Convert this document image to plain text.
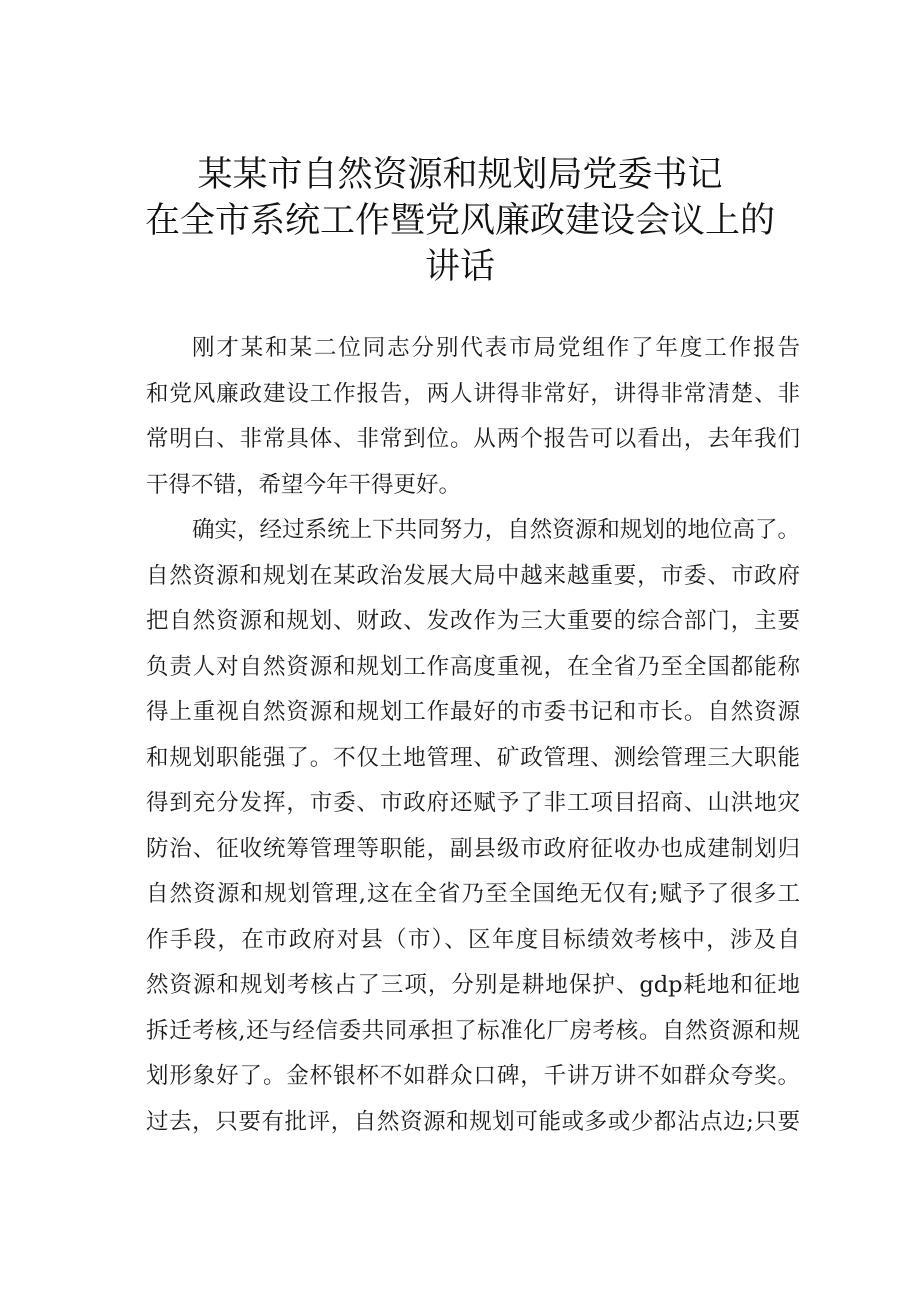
某某市自然资源和规划局党委书记
在全市系统工作暨党风廉政建设会议上的
讲话
刚才某和某二位同志分别代表市局党组作了年度工作报告
和党风廉政建设工作报告，两人讲得非常好，讲得非常清楚、非
常明白、非常具体、非常到位。从两个报告可以看出，去年我们
干得不错，希望今年干得更好。
确实，经过系统上下共同努力，自然资源和规划的地位高了。
自然资源和规划在某政治发展大局中越来越重要，市委、市政府
把自然资源和规划、财政、发改作为三大重要的综合部门，主要
负责人对自然资源和规划工作高度重视，在全省乃至全国都能称
得上重视自然资源和规划工作最好的市委书记和市长。自然资源
和规划职能强了。不仅土地管理、矿政管理、测绘管理三大职能
得到充分发挥，市委、市政府还赋予了非工项目招商、山洪地灾
防治、征收统筹管理等职能，副县级市政府征收办也成建制划归
自然资源和规划管理,这在全省乃至全国绝无仅有;赋予了很多工
作手段，在市政府对县（市）、区年度目标绩效考核中，涉及自
然资源和规划考核占了三项，分别是耕地保护、gdp耗地和征地
拆迁考核,还与经信委共同承担了标准化厂房考核。自然资源和规
划形象好了。金杯银杯不如群众口碑，千讲万讲不如群众夸奖。
过去，只要有批评，自然资源和规划可能或多或少都沾点边;只要
